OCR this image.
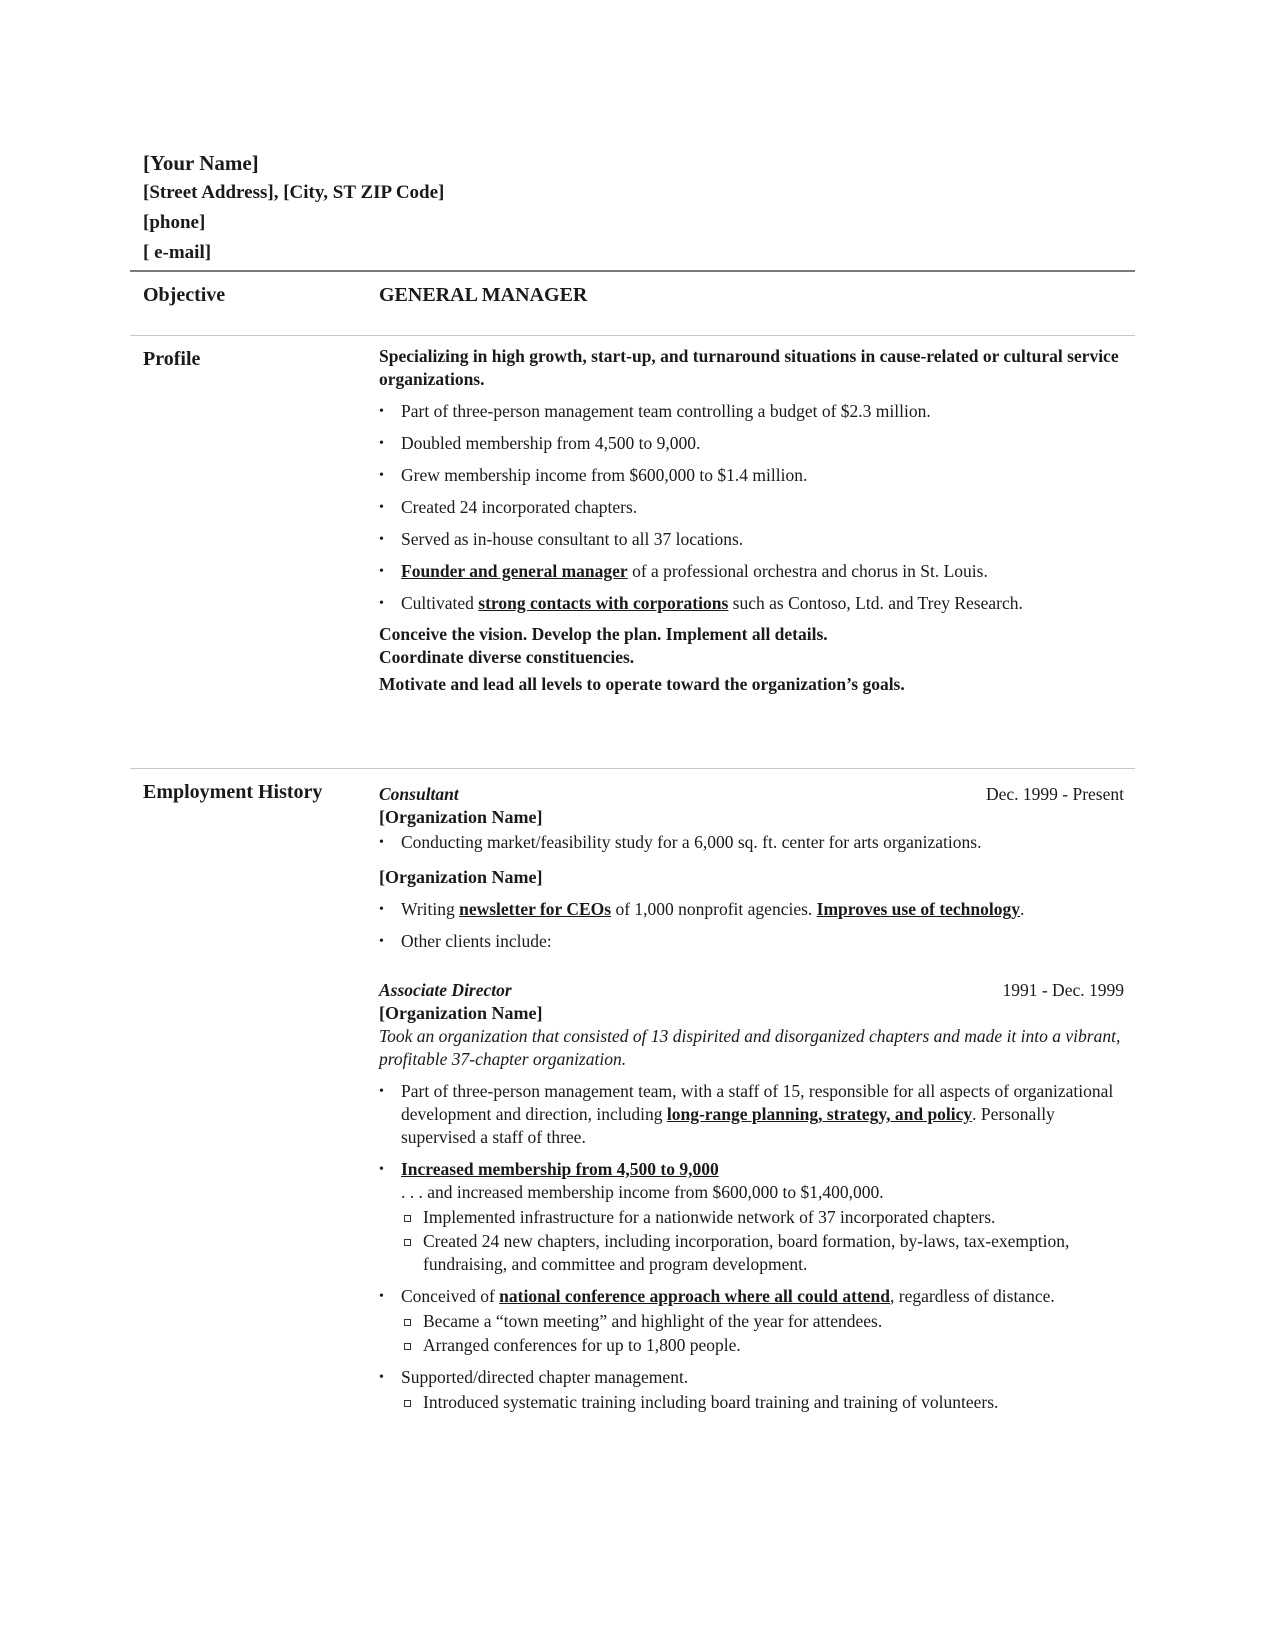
[Your Name]
[Street Address], [City, ST ZIP Code]
[phone]
[ e-mail]
Objective	GENERAL MANAGER
Profile	Specializing in high growth, start-up, and turnaround situations in cause-related or cultural service organizations.
• Part of three-person management team controlling a budget of $2.3 million.
• Doubled membership from 4,500 to 9,000.
• Grew membership income from $600,000 to $1.4 million.
• Created 24 incorporated chapters.
• Served as in-house consultant to all 37 locations.
• Founder and general manager of a professional orchestra and chorus in St. Louis.
• Cultivated strong contacts with corporations such as Contoso, Ltd. and Trey Research.
Conceive the vision. Develop the plan. Implement all details.
Coordinate diverse constituencies.
Motivate and lead all levels to operate toward the organization’s goals.
Employment History	Consultant	Dec. 1999 - Present
[Organization Name]
• Conducting market/feasibility study for a 6,000 sq. ft. center for arts organizations.
[Organization Name]
• Writing newsletter for CEOs of 1,000 nonprofit agencies. Improves use of technology.
• Other clients include:
Associate Director	1991 - Dec. 1999
[Organization Name]
Took an organization that consisted of 13 dispirited and disorganized chapters and made it into a vibrant, profitable 37-chapter organization.
• Part of three-person management team, with a staff of 15, responsible for all aspects of organizational development and direction, including long-range planning, strategy, and policy. Personally supervised a staff of three.
• Increased membership from 4,500 to 9,000
. . . and increased membership income from $600,000 to $1,400,000.
Implemented infrastructure for a nationwide network of 37 incorporated chapters.
Created 24 new chapters, including incorporation, board formation, by-laws, tax-exemption, fundraising, and committee and program development.
• Conceived of national conference approach where all could attend, regardless of distance.
Became a “town meeting” and highlight of the year for attendees.
Arranged conferences for up to 1,800 people.
• Supported/directed chapter management.
Introduced systematic training including board training and training of volunteers.
